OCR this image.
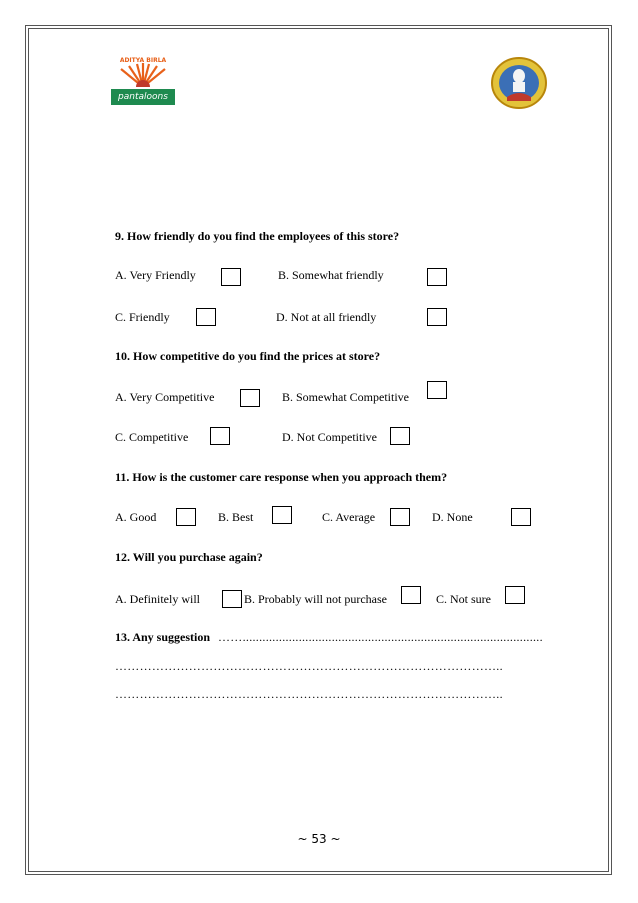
ADITYA BIRLA
pantaloons
9. How friendly do you find the employees of this store?
A. Very Friendly	B. Somewhat friendly
C. Friendly	D. Not at all friendly
10. How competitive do you find the prices at store?
A. Very Competitive	B. Somewhat Competitive
C. Competitive	D. Not Competitive
11. How is the customer care response when you approach them?
A. Good	B. Best	C. Average	D. None
12. Will you purchase again?
A. Definitely will	B. Probably will not purchase	C. Not sure
13. Any suggestion ……...........................................................................................
…………………………………………………………………………………..
…………………………………………………………………………………..
~ 53 ~
